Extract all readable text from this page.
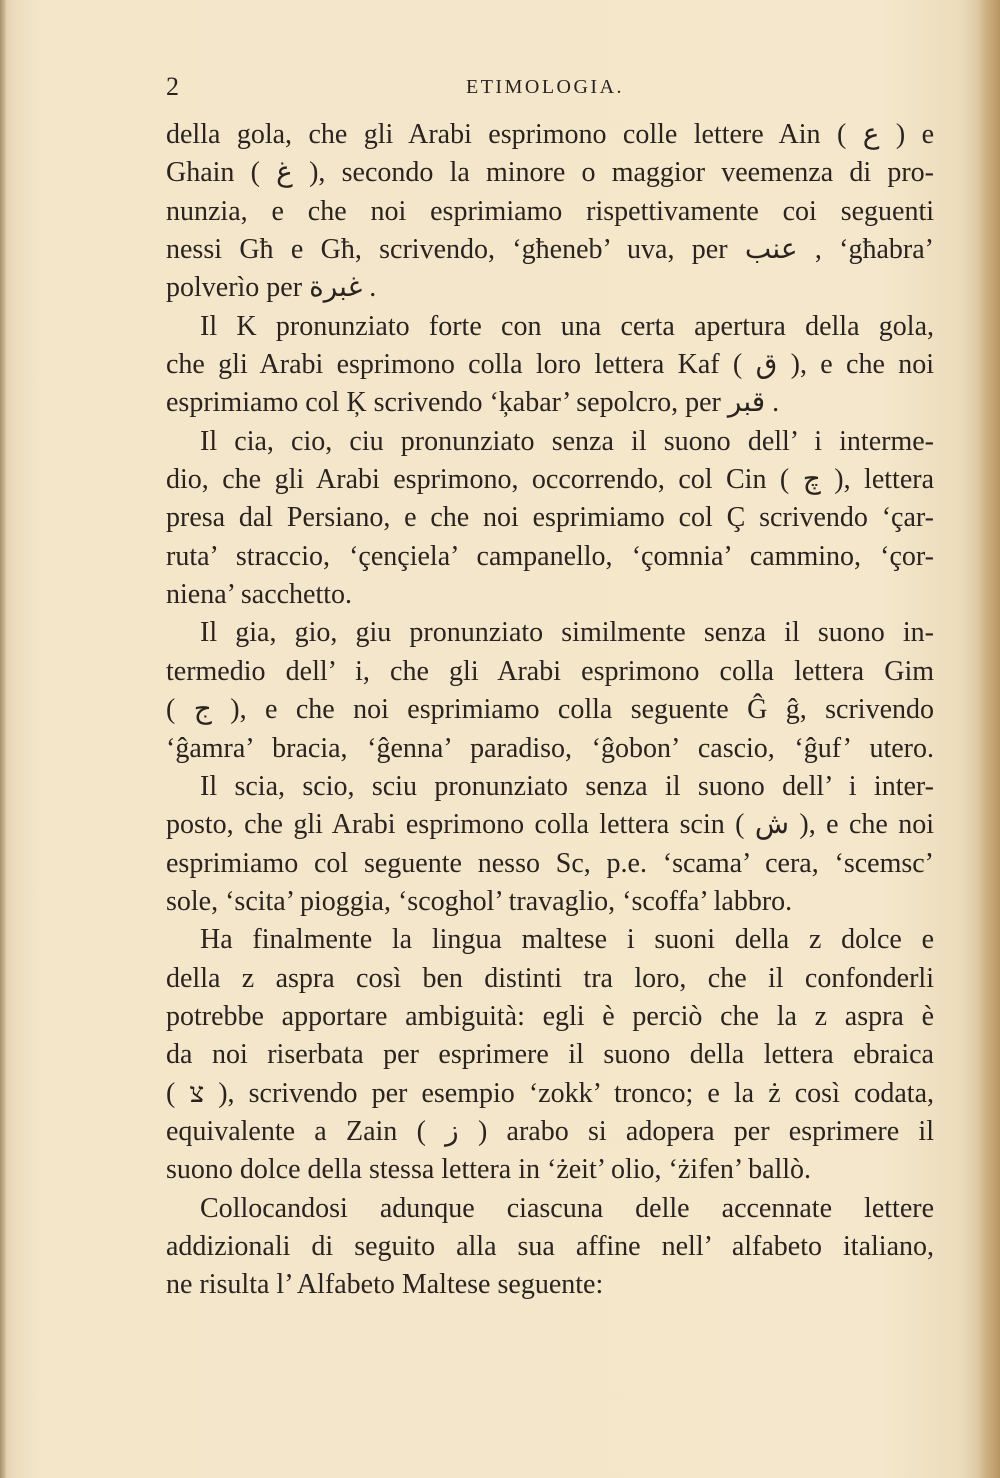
2	ETIMOLOGIA.
della gola, che gli Arabi esprimono colle lettere Ain ( ع ) e
Ghain ( غ ), secondo la minore o maggior veemenza di pro-
nunzia, e che noi esprimiamo rispettivamente coi seguenti
nessi Għ e Għ, scrivendo, ‘għeneb’ uva, per عنب , ‘għabra’
polverìo per غبرة .
Il K pronunziato forte con una certa apertura della gola,
che gli Arabi esprimono colla loro lettera Kaf ( ق ), e che noi
esprimiamo col Ķ scrivendo ‘ķabar’ sepolcro, per قبر .
Il cia, cio, ciu pronunziato senza il suono dell’ i interme-
dio, che gli Arabi esprimono, occorrendo, col Cin ( چ ), lettera
presa dal Persiano, e che noi esprimiamo col Ç scrivendo ‘çar-
ruta’ straccio, ‘çençiela’ campanello, ‘çomnia’ cammino, ‘çor-
niena’ sacchetto.
Il gia, gio, giu pronunziato similmente senza il suono in-
termedio dell’ i, che gli Arabi esprimono colla lettera Gim
( ج ), e che noi esprimiamo colla seguente Ĝ ĝ, scrivendo
‘ĝamra’ bracia, ‘ĝenna’ paradiso, ‘ĝobon’ cascio, ‘ĝuf’ utero.
Il scia, scio, sciu pronunziato senza il suono dell’ i inter-
posto, che gli Arabi esprimono colla lettera scin ( ش ), e che noi
esprimiamo col seguente nesso Sc, p.e. ‘scama’ cera, ‘scemsc’
sole, ‘scita’ pioggia, ‘scoghol’ travaglio, ‘scoffa’ labbro.
Ha finalmente la lingua maltese i suoni della z dolce e
della z aspra così ben distinti tra loro, che il confonderli
potrebbe apportare ambiguità: egli è perciò che la z aspra è
da noi riserbata per esprimere il suono della lettera ebraica
( צ ), scrivendo per esempio ‘zokk’ tronco; e la ż così codata,
equivalente a Zain ( ز ) arabo si adopera per esprimere il
suono dolce della stessa lettera in ‘żeit’ olio, ‘żifen’ ballò.
Collocandosi adunque ciascuna delle accennate lettere
addizionali di seguito alla sua affine nell’ alfabeto italiano,
ne risulta l’ Alfabeto Maltese seguente:
